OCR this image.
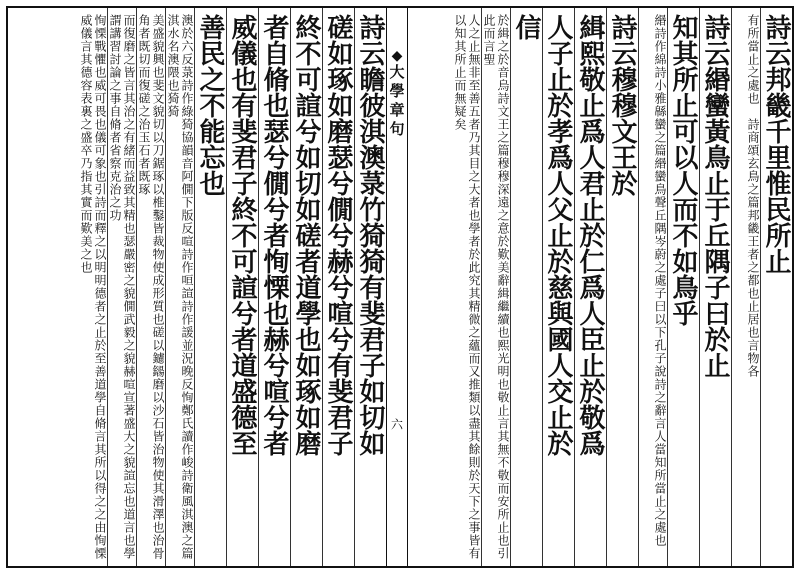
詩云邦畿千里惟民所止
有所當止之處也　詩商頌玄鳥之篇邦畿王者之都也止居也言物各
詩云緡蠻黃鳥止于丘隅子曰於止
知其所止可以人而不如鳥乎
緡詩作綿詩小雅緜蠻之篇緡蠻鳥聲丘隅岑蔚之處子曰以下孔子說詩之辭言人當知所當止之處也
詩云穆穆文王於
緝熙敬止爲人君止於仁爲人臣止於敬爲
人子止於孝爲人父止於慈與國人交止於
信
於緝之於音烏詩文王之篇穆穆深遠之意於歎美辭緝繼續也熙光明也敬止言其無不敬而安所止也引此而言聖
人之止無非至善五者乃其目之大者也學者於此究其精微之蘊而又推類以盡其餘則於天下之事皆有以知其所止而無疑矣
◆
大學章句
六
詩云瞻彼淇澳菉竹猗猗有斐君子如切如
磋如琢如磨瑟兮僩兮赫兮喧兮有斐君子
終不可諠兮如切如磋者道學也如琢如磨
者自脩也瑟兮僩兮者恂慄也赫兮喧兮者
威儀也有斐君子終不可諠兮者道盛德至
善民之不能忘也
澳於六反菉詩作綠猗協韻音阿僩下版反喧詩作咺諠詩作諼並況晚反恂鄭氏讀作峻詩衛風淇澳之篇淇水名澳隈也猗猗
美盛貌興也斐文貌切以刀鋸琢以椎鑿皆裁物使成形質也磋以鑢鐋磨以沙石皆治物使其滑澤也治骨角者既切而復磋之治玉石者既琢
而復磨之皆言其治之有緒而益致其精也瑟嚴密之貌僩武毅之貌赫喧宣著盛大之貌諠忘也道言也學謂講習討論之事自脩者省察克治之功
恂慄戰懼也威可畏也儀可象也引詩而釋之以明明德者之止於至善道學自脩言其所以得之之由恂慄威儀言其德容表裏之盛卒乃指其實而歎美之也
